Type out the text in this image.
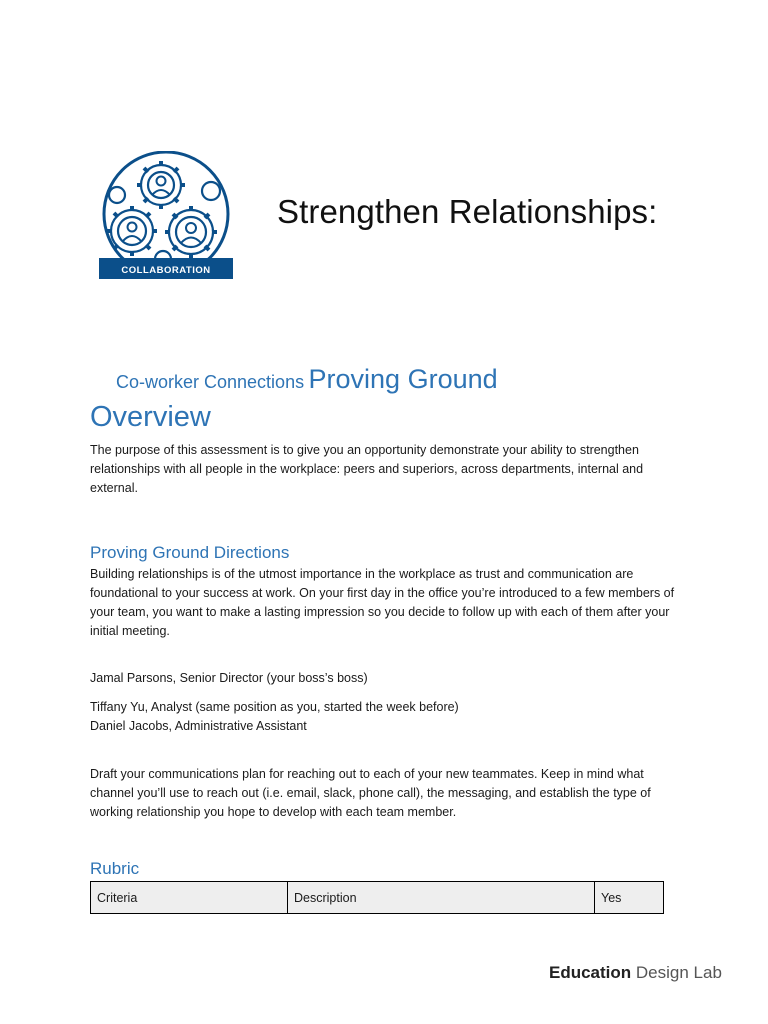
COLLABORATION
Strengthen Relationships:
Co-worker Connections Proving Ground
Overview
The purpose of this assessment is to give you an opportunity demonstrate your ability to strengthen relationships with all people in the workplace: peers and superiors, across departments, internal and external.
Proving Ground Directions
Building relationships is of the utmost importance in the workplace as trust and communication are foundational to your success at work. On your first day in the office you’re introduced to a few members of your team, you want to make a lasting impression so you decide to follow up with each of them after your initial meeting.
Jamal Parsons, Senior Director (your boss’s boss)
Tiffany Yu, Analyst (same position as you, started the week before)
Daniel Jacobs, Administrative Assistant
Draft your communications plan for reaching out to each of your new teammates. Keep in mind what channel you’ll use to reach out (i.e. email, slack, phone call), the messaging, and establish the type of working relationship you hope to develop with each team member.
Rubric
Criteria	Description	Yes
Education Design Lab
